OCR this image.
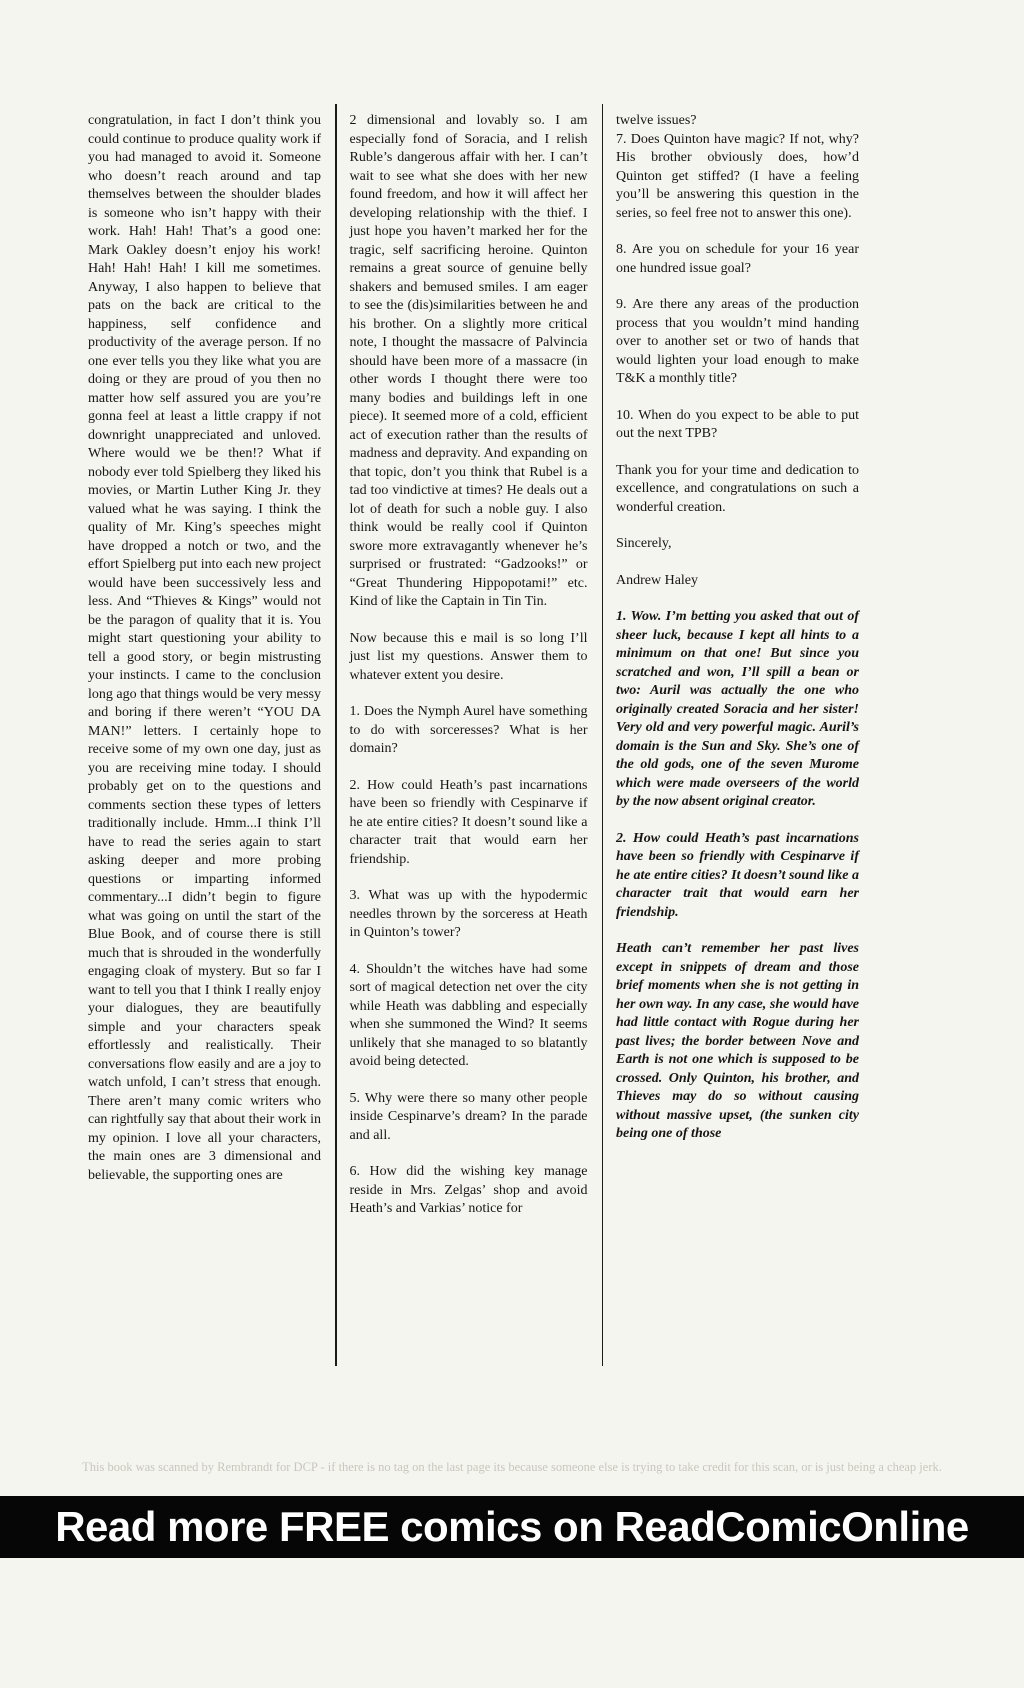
congratulation, in fact I don’t think you could continue to produce quality work if you had managed to avoid it. Someone who doesn’t reach around and tap themselves between the shoulder blades is someone who isn’t happy with their work. Hah! Hah! That’s a good one: Mark Oakley doesn’t enjoy his work! Hah! Hah! Hah! I kill me sometimes. Anyway, I also happen to believe that pats on the back are critical to the happiness, self confidence and productivity of the average person. If no one ever tells you they like what you are doing or they are proud of you then no matter how self assured you are you’re gonna feel at least a little crappy if not downright unappreciated and unloved. Where would we be then!? What if nobody ever told Spielberg they liked his movies, or Martin Luther King Jr. they valued what he was saying. I think the quality of Mr. King’s speeches might have dropped a notch or two, and the effort Spielberg put into each new project would have been successively less and less. And “Thieves & Kings” would not be the paragon of quality that it is. You might start questioning your ability to tell a good story, or begin mistrusting your instincts. I came to the conclusion long ago that things would be very messy and boring if there weren’t “YOU DA MAN!” letters. I certainly hope to receive some of my own one day, just as you are receiving mine today. I should probably get on to the questions and comments section these types of letters traditionally include. Hmm...I think I’ll have to read the series again to start asking deeper and more probing questions or imparting informed commentary...I didn’t begin to figure what was going on until the start of the Blue Book, and of course there is still much that is shrouded in the wonderfully engaging cloak of mystery. But so far I want to tell you that I think I really enjoy your dialogues, they are beautifully simple and your characters speak effortlessly and realistically. Their conversations flow easily and are a joy to watch unfold, I can’t stress that enough. There aren’t many comic writers who can rightfully say that about their work in my opinion. I love all your characters, the main ones are 3 dimensional and believable, the supporting ones are

2 dimensional and lovably so. I am especially fond of Soracia, and I relish Ruble’s dangerous affair with her. I can’t wait to see what she does with her new found freedom, and how it will affect her developing relationship with the thief. I just hope you haven’t marked her for the tragic, self sacrificing heroine. Quinton remains a great source of genuine belly shakers and bemused smiles. I am eager to see the (dis)similarities between he and his brother. On a slightly more critical note, I thought the massacre of Palvincia should have been more of a massacre (in other words I thought there were too many bodies and buildings left in one piece). It seemed more of a cold, efficient act of execution rather than the results of madness and depravity. And expanding on that topic, don’t you think that Rubel is a tad too vindictive at times? He deals out a lot of death for such a noble guy. I also think would be really cool if Quinton swore more extravagantly whenever he’s surprised or frustrated: “Gadzooks!” or “Great Thundering Hippopotami!” etc. Kind of like the Captain in Tin Tin.

Now because this e mail is so long I’ll just list my questions. Answer them to whatever extent you desire.

1. Does the Nymph Aurel have something to do with sorceresses? What is her domain?

2. How could Heath’s past incarnations have been so friendly with Cespinarve if he ate entire cities? It doesn’t sound like a character trait that would earn her friendship.

3. What was up with the hypodermic needles thrown by the sorceress at Heath in Quinton’s tower?

4. Shouldn’t the witches have had some sort of magical detection net over the city while Heath was dabbling and especially when she summoned the Wind? It seems unlikely that she managed to so blatantly avoid being detected.

5. Why were there so many other people inside Cespinarve’s dream? In the parade and all.

6. How did the wishing key manage reside in Mrs. Zelgas’ shop and avoid Heath’s and Varkias’ notice for

twelve issues?

7. Does Quinton have magic? If not, why? His brother obviously does, how’d Quinton get stiffed? (I have a feeling you’ll be answering this question in the series, so feel free not to answer this one).

8. Are you on schedule for your 16 year one hundred issue goal?

9. Are there any areas of the production process that you wouldn’t mind handing over to another set or two of hands that would lighten your load enough to make T&K a monthly title?

10. When do you expect to be able to put out the next TPB?

Thank you for your time and dedication to excellence, and congratulations on such a wonderful creation.

Sincerely,

Andrew Haley

1. Wow. I’m betting you asked that out of sheer luck, because I kept all hints to a minimum on that one! But since you scratched and won, I’ll spill a bean or two: Auril was actually the one who originally created Soracia and her sister! Very old and very powerful magic. Auril’s domain is the Sun and Sky. She’s one of the old gods, one of the seven Murome which were made overseers of the world by the now absent original creator.

2. How could Heath’s past incarnations have been so friendly with Cespinarve if he ate entire cities? It doesn’t sound like a character trait that would earn her friendship.

Heath can’t remember her past lives except in snippets of dream and those brief moments when she is not getting in her own way. In any case, she would have had little contact with Rogue during her past lives; the border between Nove and Earth is not one which is supposed to be crossed. Only Quinton, his brother, and Thieves may do so without causing without massive upset, (the sunken city being one of those

This book was scanned by Rembrandt for DCP - if there is no tag on the last page its because someone else is trying to take credit for this scan, or is just being a cheap jerk.
Read more FREE comics on ReadComicOnline
